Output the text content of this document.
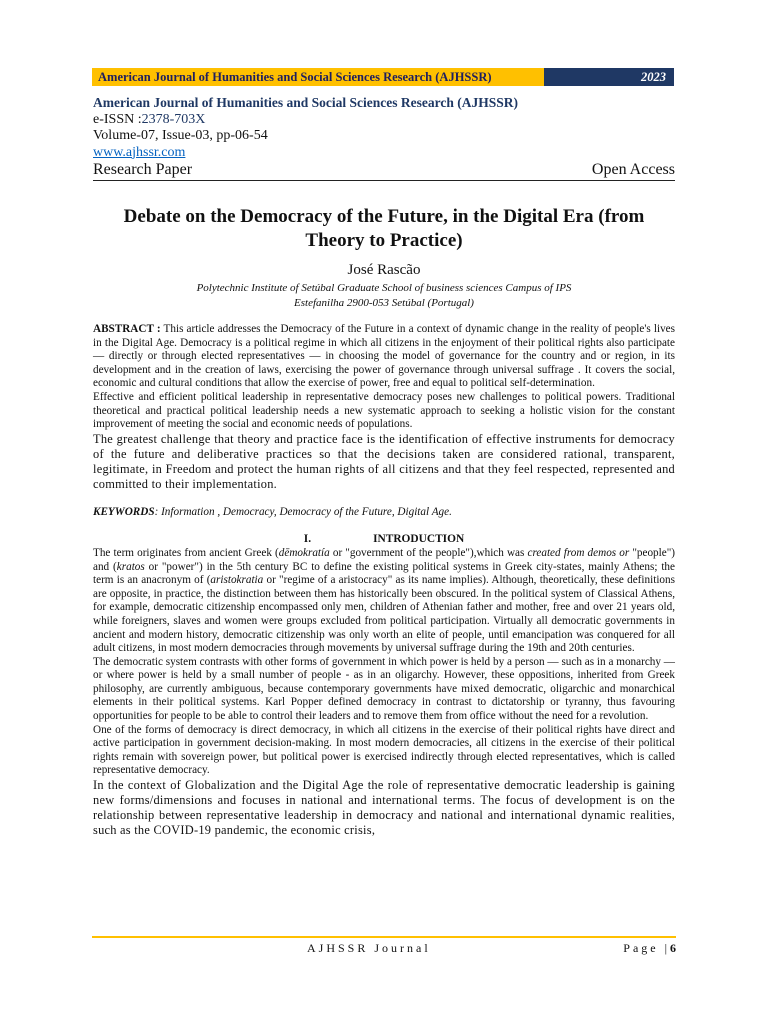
American Journal of Humanities and Social Sciences Research (AJHSSR)	2023
American Journal of Humanities and Social Sciences Research (AJHSSR)
e-ISSN :2378-703X
Volume-07, Issue-03, pp-06-54
www.ajhssr.com
Research Paper	Open Access
Debate on the Democracy of the Future, in the Digital Era (from Theory to Practice)
José Rascão
Polytechnic Institute of Setúbal Graduate School of business sciences Campus of IPS
Estefanilha 2900-053 Setúbal (Portugal)

ABSTRACT : This article addresses the Democracy of the Future in a context of dynamic change in the reality of people's lives in the Digital Age. Democracy is a political regime in which all citizens in the enjoyment of their political rights also participate — directly or through elected representatives — in choosing the model of governance for the country and or region, in its development and in the creation of laws, exercising the power of governance through universal suffrage . It covers the social, economic and cultural conditions that allow the exercise of power, free and equal to political self-determination.

Effective and efficient political leadership in representative democracy poses new challenges to political powers. Traditional theoretical and practical political leadership needs a new systematic approach to seeking a holistic vision for the constant improvement of meeting the social and economic needs of populations.

The greatest challenge that theory and practice face is the identification of effective instruments for democracy of the future and deliberative practices so that the decisions taken are considered rational, transparent, legitimate, in Freedom and protect the human rights of all citizens and that they feel respected, represented and committed to their implementation.

KEYWORDS: Information , Democracy, Democracy of the Future, Digital Age.

I.	INTRODUCTION

The term originates from ancient Greek (dēmokratía or "government of the people"),which was created from demos or "people") and (kratos or "power") in the 5th century BC to define the existing political systems in Greek city-states, mainly Athens; the term is an anacronym of (aristokratia or "regime of a aristocracy" as its name implies). Although, theoretically, these definitions are opposite, in practice, the distinction between them has historically been obscured. In the political system of Classical Athens, for example, democratic citizenship encompassed only men, children of Athenian father and mother, free and over 21 years old, while foreigners, slaves and women were groups excluded from political participation. Virtually all democratic governments in ancient and modern history, democratic citizenship was only worth an elite of people, until emancipation was conquered for all adult citizens, in most modern democracies through movements by universal suffrage during the 19th and 20th centuries.

The democratic system contrasts with other forms of government in which power is held by a person — such as in a monarchy — or where power is held by a small number of people - as in an oligarchy. However, these oppositions, inherited from Greek philosophy, are currently ambiguous, because contemporary governments have mixed democratic, oligarchic and monarchical elements in their political systems. Karl Popper defined democracy in contrast to dictatorship or tyranny, thus favouring opportunities for people to be able to control their leaders and to remove them from office without the need for a revolution.

One of the forms of democracy is direct democracy, in which all citizens in the exercise of their political rights have direct and active participation in government decision-making. In most modern democracies, all citizens in the exercise of their political rights remain with sovereign power, but political power is exercised indirectly through elected representatives, which is called representative democracy.

In the context of Globalization and the Digital Age the role of representative democratic leadership is gaining new forms/dimensions and focuses in national and international terms. The focus of development is on the relationship between representative leadership in democracy and national and international dynamic realities, such as the COVID-19 pandemic, the economic crisis,

AJHSSR Journal	Page |6
